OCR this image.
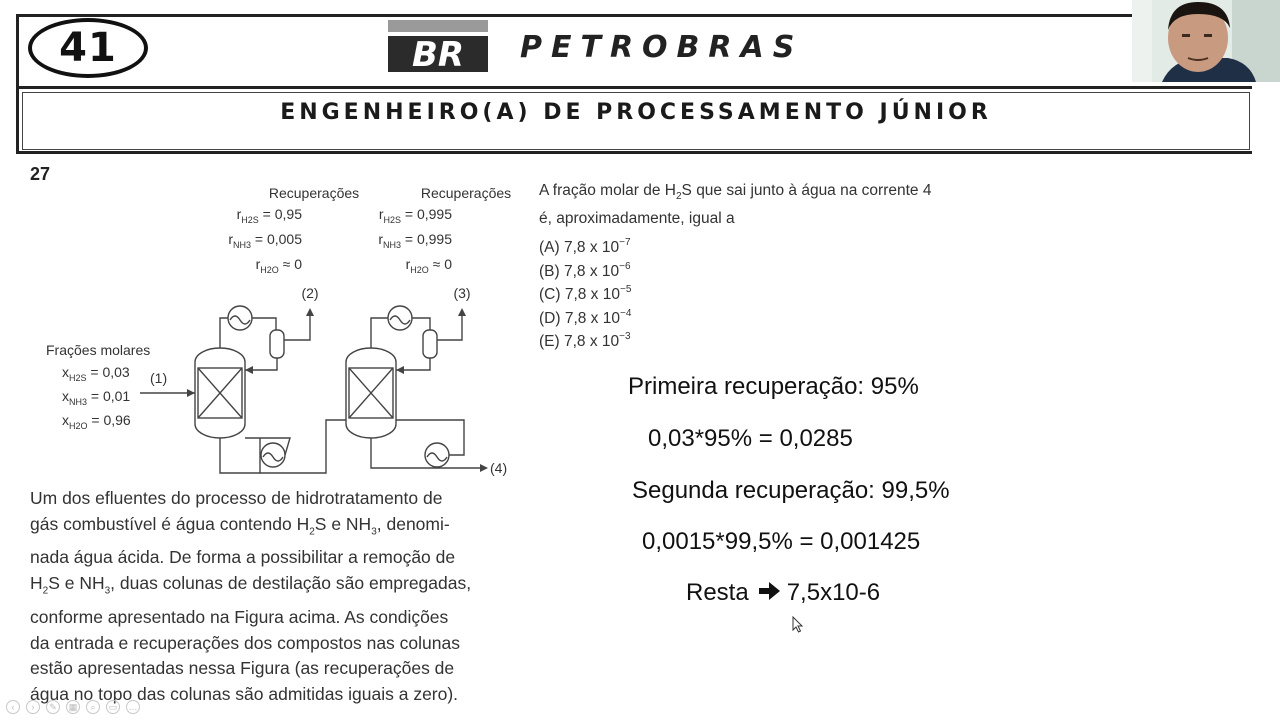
41	BR PETROBRAS
ENGENHEIRO(A) DE PROCESSAMENTO JÚNIOR
27
Recuperações
$r_{H2S} = 0,95$
$r_{NH3} = 0,005$
$r_{H2O} \approx 0$
(2)
Recuperações
$r_{H2S} = 0,995$
$r_{NH3} = 0,995$
$r_{H2O} \approx 0$
(3)
Frações molares
$x_{H2S} = 0,03$
$x_{NH3} = 0,01$
$x_{H2O} = 0,96$
(1)
(4)
A fração molar de $H_2S$ que sai junto à água na corrente 4
é, aproximadamente, igual a
(A) 7,8 x $10^{-7}$
(B) 7,8 x $10^{-6}$
(C) 7,8 x $10^{-5}$
(D) 7,8 x $10^{-4}$
(E) 7,8 x $10^{-3}$
Um dos efluentes do processo de hidrotratamento de
gás combustível é água contendo $H_2S$ e $NH_3$, denomi-
nada água ácida. De forma a possibilitar a remoção de
$H_2S$ e $NH_3$, duas colunas de destilação são empregadas,
conforme apresentado na Figura acima. As condições
da entrada e recuperações dos compostos nas colunas
estão apresentadas nessa Figura (as recuperações de
água no topo das colunas são admitidas iguais a zero).
Primeira recuperação: 95%
0,03*95% = 0,0285
Segunda recuperação: 99,5%
0,0015*99,5% = 0,001425
Resta 7,5x10-6
‹	›	✎	▦	⌕	▭	…
